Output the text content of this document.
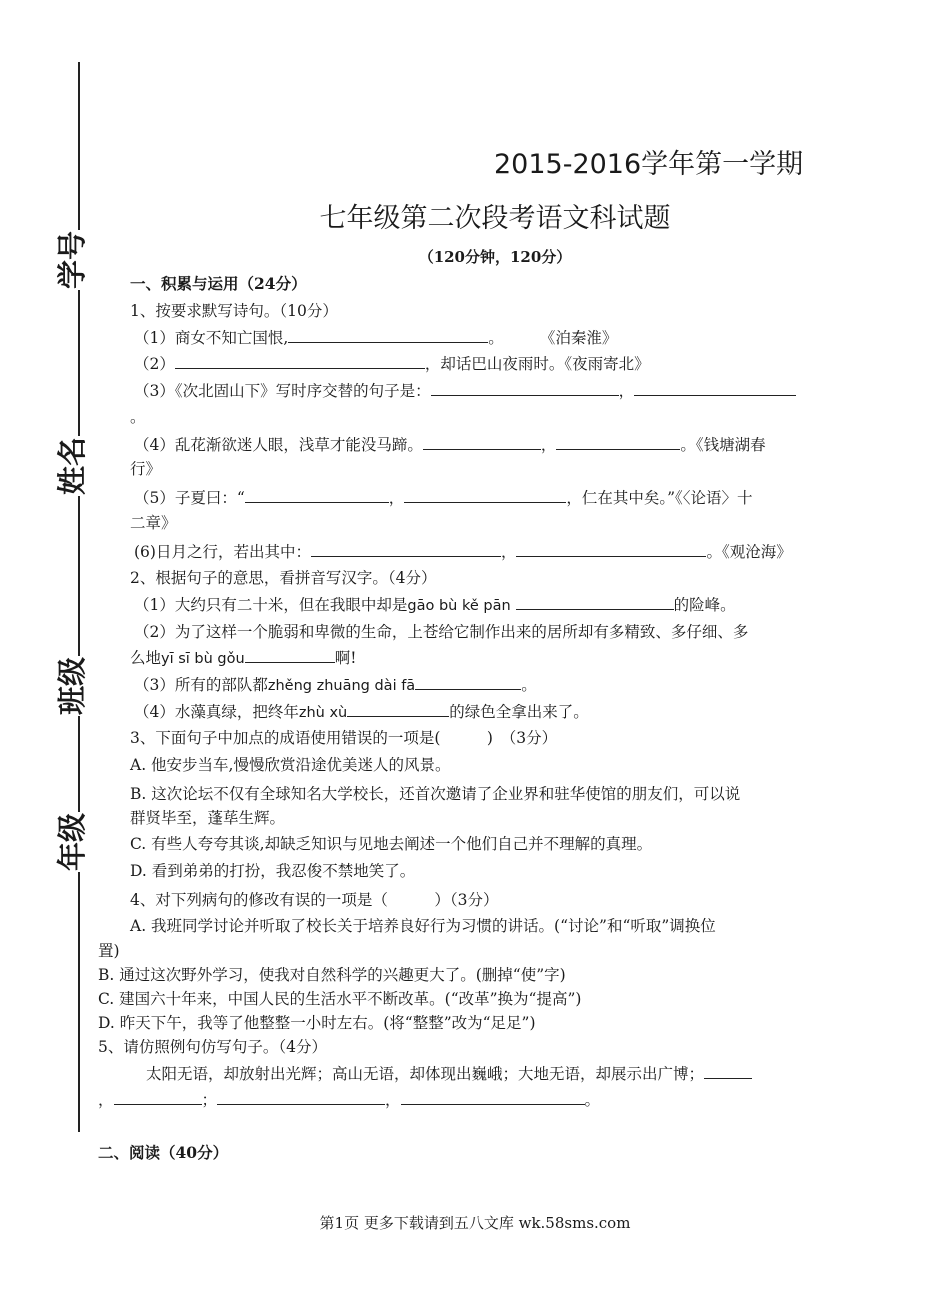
学号
姓名
班级
年级
2015-2016学年第一学期
七年级第二次段考语文科试题
（120分钟，120分）
一、积累与运用（24分）
1、按要求默写诗句。（10分）
（1）商女不知亡国恨,	。 《泊秦淮》
（2）	，却话巴山夜雨时。《夜雨寄北》
（3）《次北固山下》写时序交替的句子是：	，
。
（4）乱花渐欲迷人眼，浅草才能没马蹄。	，	。《钱塘湖春
行》
（5）子夏曰：“	，	，仁在其中矣。”《〈论语〉十
二章》
(6)日月之行，若出其中：	，	。《观沧海》
2、根据句子的意思，看拼音写汉字。（4分）
（1）大约只有二十米，但在我眼中却是gāo bù kě pān	的险峰。
（2）为了这样一个脆弱和卑微的生命，上苍给它制作出来的居所却有多精致、多仔细、多
么地yī sī bù gǒu	啊!
（3）所有的部队都zhěng zhuāng dài fā	。
（4）水藻真绿，把终年zhù xù	的绿色全拿出来了。
3、下面句子中加点的成语使用错误的一项是(　　　)　（3分）
A. 他安步当车,慢慢欣赏沿途优美迷人的风景。
B. 这次论坛不仅有全球知名大学校长，还首次邀请了企业界和驻华使馆的朋友们，可以说
群贤毕至，蓬荜生辉。
C. 有些人夸夸其谈,却缺乏知识与见地去阐述一个他们自己并不理解的真理。
D. 看到弟弟的打扮，我忍俊不禁地笑了。
4、对下列病句的修改有误的一项是（　　　）（3分）
A. 我班同学讨论并听取了校长关于培养良好行为习惯的讲话。(“讨论”和“听取”调换位
置)
B. 通过这次野外学习，使我对自然科学的兴趣更大了。(删掉“使”字)
C. 建国六十年来，中国人民的生活水平不断改革。(“改革”换为“提高”)
D. 昨天下午，我等了他整整一小时左右。(将“整整”改为“足足”)
5、请仿照例句仿写句子。（4分）
太阳无语，却放射出光辉；高山无语，却体现出巍峨；大地无语，却展示出广博；
，	；	，	。
二、阅读（40分）
第1页 更多下载请到五八文库 wk.58sms.com
